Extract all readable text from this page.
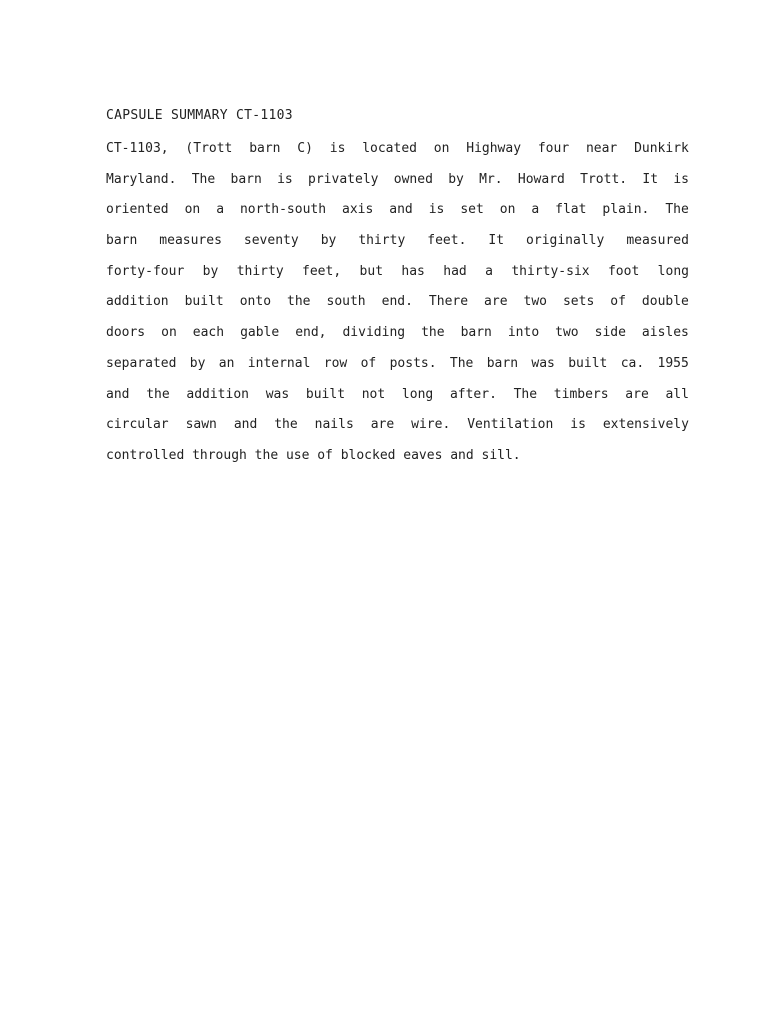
CAPSULE SUMMARY CT-1103
CT-1103, (Trott barn C) is located on Highway four near Dunkirk
Maryland. The barn is privately owned by Mr. Howard Trott. It is
oriented on a north-south axis and is set on a flat plain. The
barn measures seventy by thirty feet. It originally measured
forty-four by thirty feet, but has had a thirty-six foot long
addition built onto the south end. There are two sets of double
doors on each gable end, dividing the barn into two side aisles
separated by an internal row of posts. The barn was built ca. 1955
and the addition was built not long after. The timbers are all
circular sawn and the nails are wire. Ventilation is extensively
controlled through the use of blocked eaves and sill.
